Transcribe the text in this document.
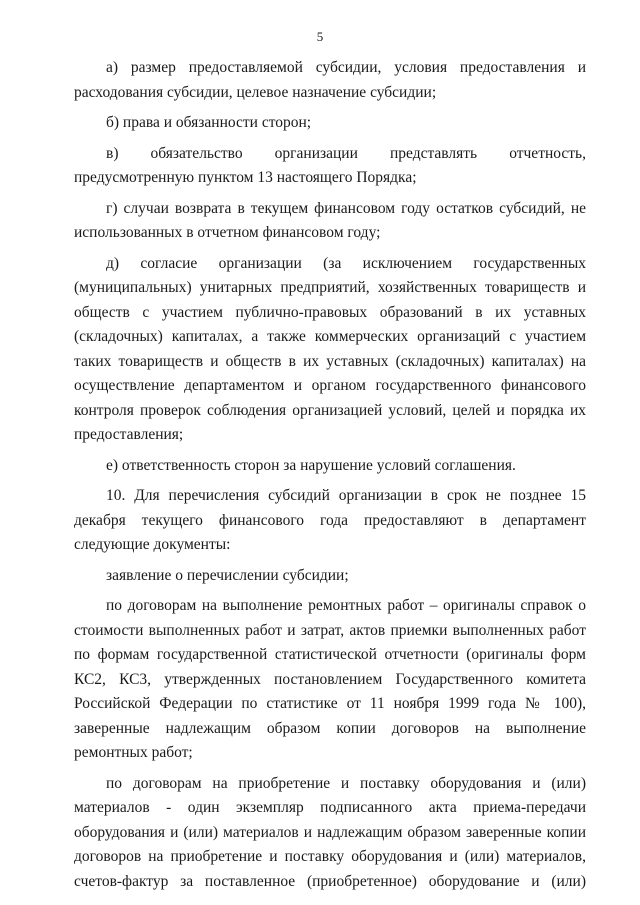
5

а) размер предоставляемой субсидии, условия предоставления и расходования субсидии, целевое назначение субсидии;

б) права и обязанности сторон;

в) обязательство организации представлять отчетность, предусмотренную пунктом 13 настоящего Порядка;

г) случаи возврата в текущем финансовом году остатков субсидий, не использованных в отчетном финансовом году;

д) согласие организации (за исключением государственных (муниципальных) унитарных предприятий, хозяйственных товариществ и обществ с участием публично-правовых образований в их уставных (складочных) капиталах, а также коммерческих организаций с участием таких товариществ и обществ в их уставных (складочных) капиталах) на осуществление департаментом и органом государственного финансового контроля проверок соблюдения организацией условий, целей и порядка их предоставления;

е) ответственность сторон за нарушение условий соглашения.

10. Для перечисления субсидий организации в срок не позднее 15 декабря текущего финансового года предоставляют в департамент следующие документы:

заявление о перечислении субсидии;

по договорам на выполнение ремонтных работ – оригиналы справок о стоимости выполненных работ и затрат, актов приемки выполненных работ по формам государственной статистической отчетности (оригиналы форм КС2, КС3, утвержденных постановлением Государственного комитета Российской Федерации по статистике от 11 ноября 1999 года № 100), заверенные надлежащим образом копии договоров на выполнение ремонтных работ;

по договорам на приобретение и поставку оборудования и (или) материалов - один экземпляр подписанного акта приема-передачи оборудования и (или) материалов и надлежащим образом заверенные копии договоров на приобретение и поставку оборудования и (или) материалов, счетов-фактур за поставленное (приобретенное) оборудование и (или)
